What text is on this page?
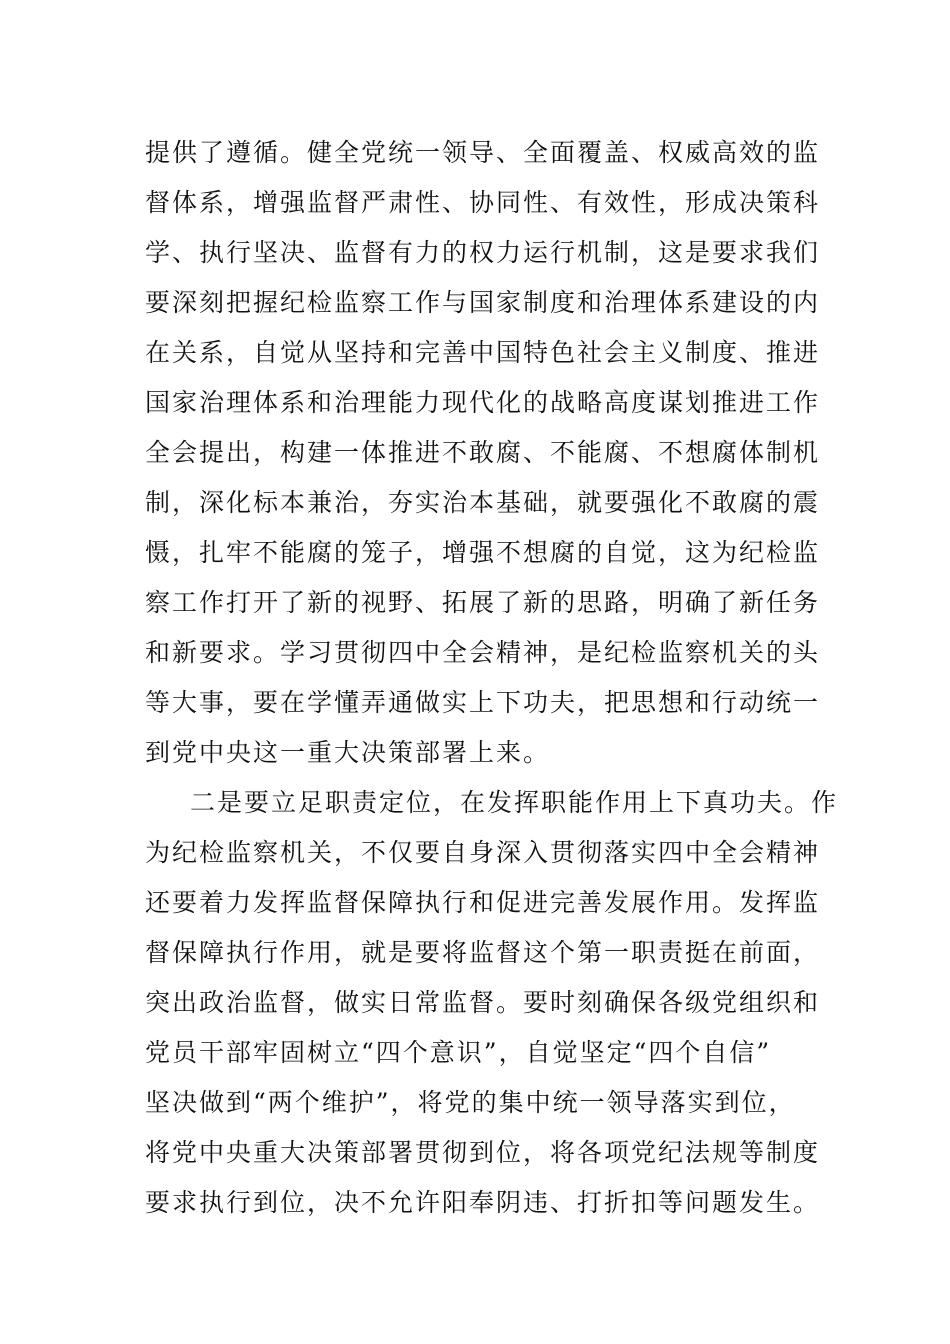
提供了遵循。健全党统一领导、全面覆盖、权威高效的监
督体系，增强监督严肃性、协同性、有效性，形成决策科
学、执行坚决、监督有力的权力运行机制，这是要求我们
要深刻把握纪检监察工作与国家制度和治理体系建设的内
在关系，自觉从坚持和完善中国特色社会主义制度、推进
国家治理体系和治理能力现代化的战略高度谋划推进工作
全会提出，构建一体推进不敢腐、不能腐、不想腐体制机
制，深化标本兼治，夯实治本基础，就要强化不敢腐的震
慑，扎牢不能腐的笼子，增强不想腐的自觉，这为纪检监
察工作打开了新的视野、拓展了新的思路，明确了新任务
和新要求。学习贯彻四中全会精神，是纪检监察机关的头
等大事，要在学懂弄通做实上下功夫，把思想和行动统一
到党中央这一重大决策部署上来。
二是要立足职责定位，在发挥职能作用上下真功夫。作
为纪检监察机关，不仅要自身深入贯彻落实四中全会精神
还要着力发挥监督保障执行和促进完善发展作用。发挥监
督保障执行作用，就是要将监督这个第一职责挺在前面，
突出政治监督，做实日常监督。要时刻确保各级党组织和
党员干部牢固树立“四个意识”，自觉坚定“四个自信”
坚决做到“两个维护”，将党的集中统一领导落实到位，
将党中央重大决策部署贯彻到位，将各项党纪法规等制度
要求执行到位，决不允许阳奉阴违、打折扣等问题发生。
